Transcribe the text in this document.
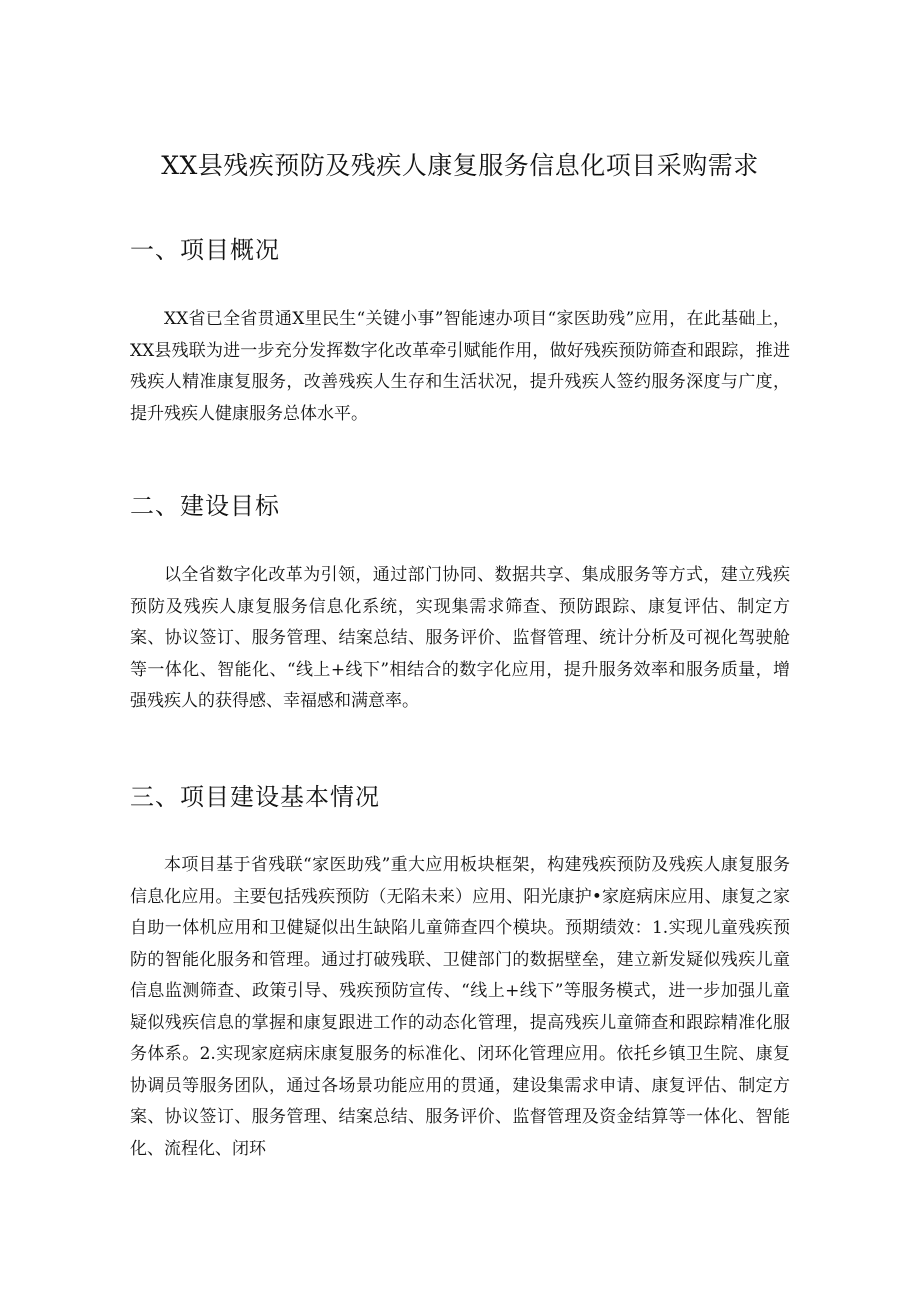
XX县残疾预防及残疾人康复服务信息化项目采购需求
一、项目概况

XX省已全省贯通X里民生“关键小事”智能速办项目“家医助残”应用，在此基础上，XX县残联为进一步充分发挥数字化改革牵引赋能作用，做好残疾预防筛查和跟踪，推进残疾人精准康复服务，改善残疾人生存和生活状况，提升残疾人签约服务深度与广度，提升残疾人健康服务总体水平。

二、建设目标

以全省数字化改革为引领，通过部门协同、数据共享、集成服务等方式，建立残疾预防及残疾人康复服务信息化系统，实现集需求筛查、预防跟踪、康复评估、制定方案、协议签订、服务管理、结案总结、服务评价、监督管理、统计分析及可视化驾驶舱等一体化、智能化、“线上+线下”相结合的数字化应用，提升服务效率和服务质量，增强残疾人的获得感、幸福感和满意率。

三、项目建设基本情况

本项目基于省残联“家医助残”重大应用板块框架，构建残疾预防及残疾人康复服务信息化应用。主要包括残疾预防（无陷未来）应用、阳光康护•家庭病床应用、康复之家自助一体机应用和卫健疑似出生缺陷儿童筛查四个模块。预期绩效：1.实现儿童残疾预防的智能化服务和管理。通过打破残联、卫健部门的数据壁垒，建立新发疑似残疾儿童信息监测筛查、政策引导、残疾预防宣传、“线上+线下”等服务模式，进一步加强儿童疑似残疾信息的掌握和康复跟进工作的动态化管理，提高残疾儿童筛查和跟踪精准化服务体系。2.实现家庭病床康复服务的标准化、闭环化管理应用。依托乡镇卫生院、康复协调员等服务团队，通过各场景功能应用的贯通，建设集需求申请、康复评估、制定方案、协议签订、服务管理、结案总结、服务评价、监督管理及资金结算等一体化、智能化、流程化、闭环
